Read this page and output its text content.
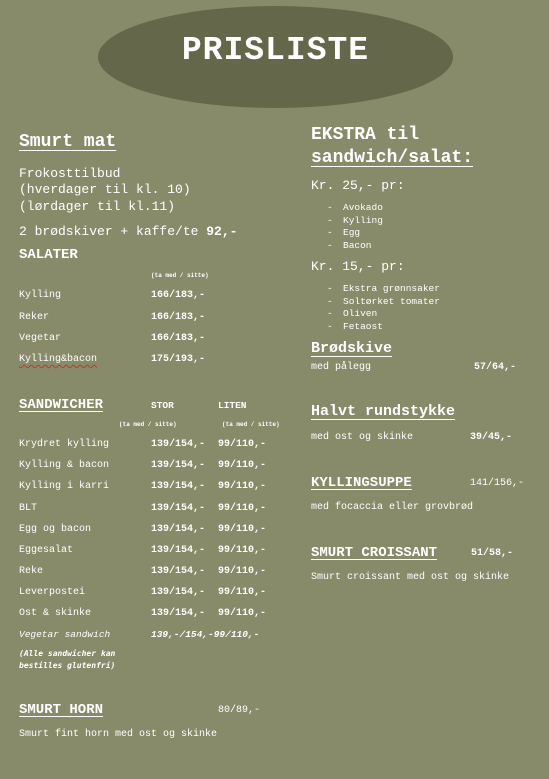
PRISLISTE
Smurt mat
Frokosttilbud
(hverdager til kl. 10)
(lørdager til kl.11)
2 brødskiver + kaffe/te 92,-
SALATER
(ta med / sitte)
Kylling	166/183,-
Reker	166/183,-
Vegetar	166/183,-
Kylling&bacon	175/193,-
SANDWICHER	STOR	LITEN
(ta med / sitte)	(ta med / sitte)
Krydret kylling	139/154,- 99/110,-
Kylling & bacon	139/154,- 99/110,-
Kylling i karri	139/154,- 99/110,-
BLT	139/154,- 99/110,-
Egg og bacon	139/154,- 99/110,-
Eggesalat	139/154,- 99/110,-
Reke	139/154,- 99/110,-
Leverpostei	139/154,- 99/110,-
Ost & skinke	139/154,- 99/110,-
Vegetar sandwich	139,-/154,-99/110,-
(Alle sandwicher kan
bestilles glutenfri)
SMURT HORN	80/89,-
Smurt fint horn med ost og skinke
EKSTRA til
sandwich/salat:
Kr. 25,- pr:
- Avokado
- Kylling
- Egg
- Bacon
Kr. 15,- pr:
- Ekstra grønnsaker
- Soltørket tomater
- Oliven
- Fetaost
Brødskive
med pålegg	57/64,-
Halvt rundstykke
med ost og skinke	39/45,-
KYLLINGSUPPE	141/156,-
med focaccia eller grovbrød
SMURT CROISSANT	51/58,-
Smurt croissant med ost og skinke
